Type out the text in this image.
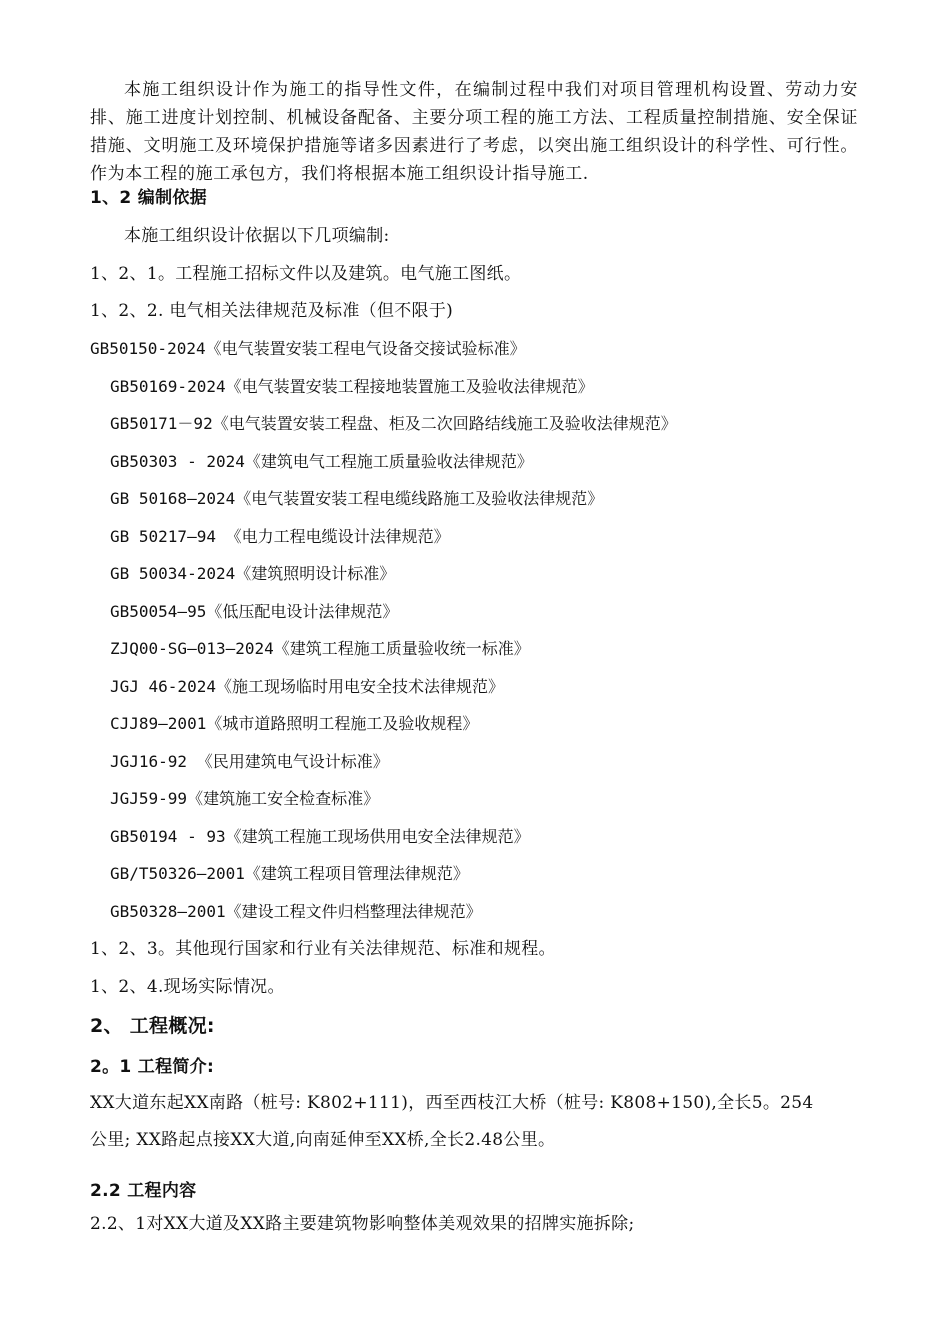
本施工组织设计作为施工的指导性文件，在编制过程中我们对项目管理机构设置、劳动力安排、施工进度计划控制、机械设备配备、主要分项工程的施工方法、工程质量控制措施、安全保证措施、文明施工及环境保护措施等诸多因素进行了考虑，以突出施工组织设计的科学性、可行性。作为本工程的施工承包方，我们将根据本施工组织设计指导施工.
1、2 编制依据
本施工组织设计依据以下几项编制:
1、2、1。工程施工招标文件以及建筑。电气施工图纸。
1、2、2. 电气相关法律规范及标准（但不限于)
GB50150-2024《电气装置安装工程电气设备交接试验标准》
GB50169-2024《电气装置安装工程接地装置施工及验收法律规范》
GB50171－92《电气装置安装工程盘、柜及二次回路结线施工及验收法律规范》
GB50303 - 2024《建筑电气工程施工质量验收法律规范》
GB 50168—2024《电气装置安装工程电缆线路施工及验收法律规范》
GB 50217—94 《电力工程电缆设计法律规范》
GB 50034-2024《建筑照明设计标准》
GB50054—95《低压配电设计法律规范》
ZJQ00-SG—013—2024《建筑工程施工质量验收统一标准》
JGJ 46-2024《施工现场临时用电安全技术法律规范》
CJJ89—2001《城市道路照明工程施工及验收规程》
JGJ16-92 《民用建筑电气设计标准》
JGJ59-99《建筑施工安全检查标准》
GB50194 - 93《建筑工程施工现场供用电安全法律规范》
GB/T50326—2001《建筑工程项目管理法律规范》
GB50328—2001《建设工程文件归档整理法律规范》
1、2、3。其他现行国家和行业有关法律规范、标准和规程。
1、2、4.现场实际情况。
2、 工程概况:
2。1 工程简介:
XX大道东起XX南路（桩号: K802+111)，西至西枝江大桥（桩号: K808+150),全长5。254
公里; XX路起点接XX大道,向南延伸至XX桥,全长2.48公里。
2.2 工程内容
2.2、1对XX大道及XX路主要建筑物影响整体美观效果的招牌实施拆除;
